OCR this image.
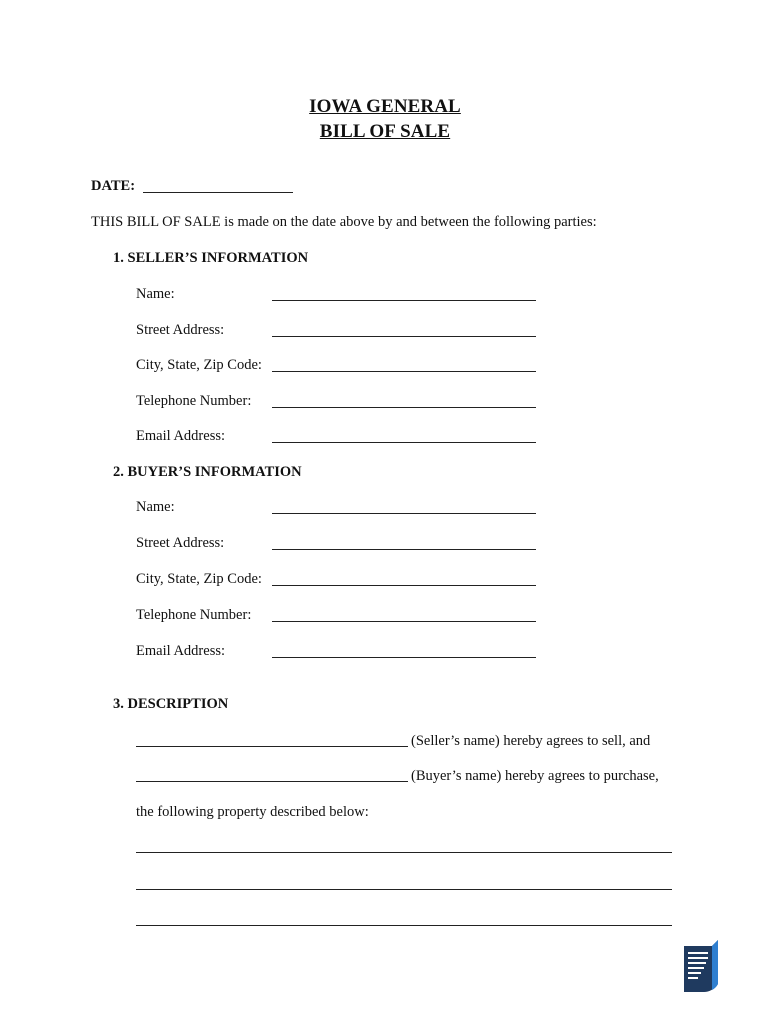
IOWA GENERAL
BILL OF SALE
DATE:
THIS BILL OF SALE is made on the date above by and between the following parties:
1. SELLER’S INFORMATION
Name:
Street Address:
City, State, Zip Code:
Telephone Number:
Email Address:
2. BUYER’S INFORMATION
Name:
Street Address:
City, State, Zip Code:
Telephone Number:
Email Address:
3. DESCRIPTION
(Seller’s name) hereby agrees to sell, and
(Buyer’s name) hereby agrees to purchase,
the following property described below:
